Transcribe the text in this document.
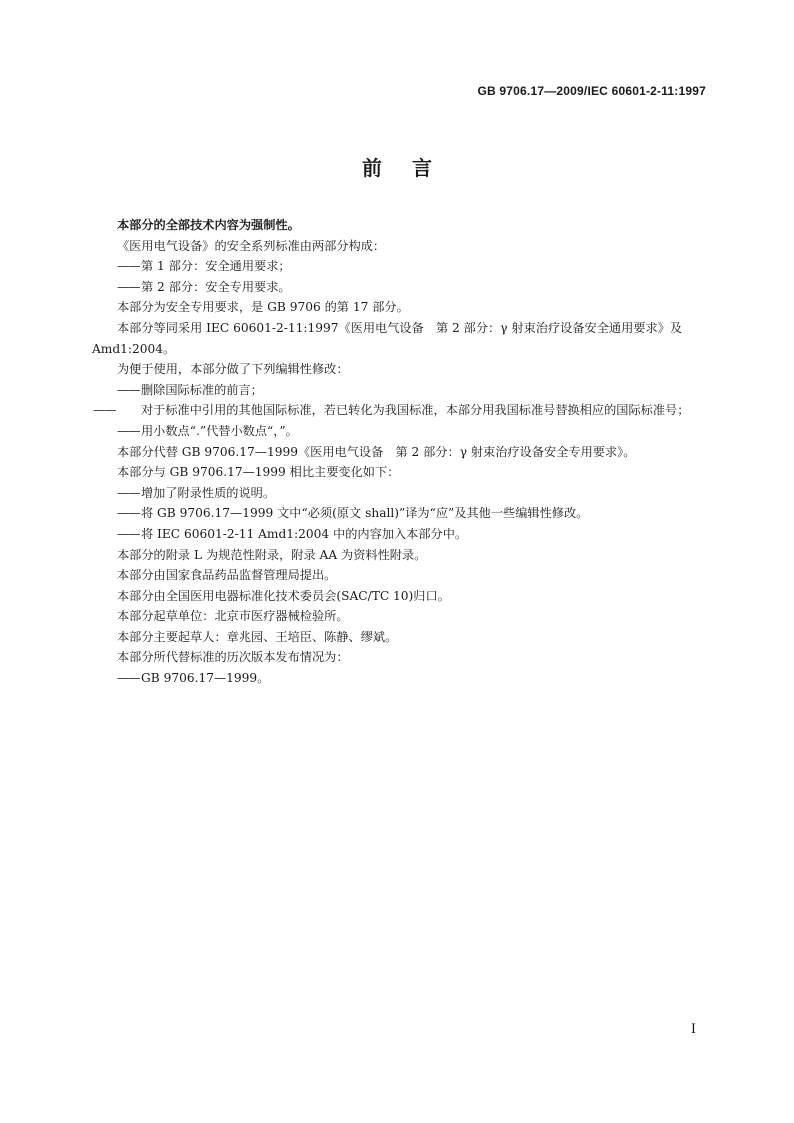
GB 9706.17—2009/IEC 60601-2-11:1997
前言
本部分的全部技术内容为强制性。
《医用电气设备》的安全系列标准由两部分构成：
—— 第 1 部分：安全通用要求；
—— 第 2 部分：安全专用要求。
本部分为安全专用要求，是 GB 9706 的第 17 部分。
本部分等同采用 IEC 60601-2-11:1997《医用电气设备　第 2 部分：γ 射束治疗设备安全通用要求》及 Amd1:2004。
为便于使用，本部分做了下列编辑性修改：
—— 删除国际标准的前言；
—— 对于标准中引用的其他国际标准，若已转化为我国标准，本部分用我国标准号替换相应的国际标准号；
—— 用小数点“.”代替小数点“，”。
本部分代替 GB 9706.17—1999《医用电气设备　第 2 部分：γ 射束治疗设备安全专用要求》。
本部分与 GB 9706.17—1999 相比主要变化如下：
—— 增加了附录性质的说明。
—— 将 GB 9706.17—1999 文中“必须(原文 shall)”译为“应”及其他一些编辑性修改。
—— 将 IEC 60601-2-11 Amd1:2004 中的内容加入本部分中。
本部分的附录 L 为规范性附录，附录 AA 为资料性附录。
本部分由国家食品药品监督管理局提出。
本部分由全国医用电器标准化技术委员会(SAC/TC 10)归口。
本部分起草单位：北京市医疗器械检验所。
本部分主要起草人：章兆园、王培臣、陈静、缪斌。
本部分所代替标准的历次版本发布情况为：
—— GB 9706.17—1999。
I
